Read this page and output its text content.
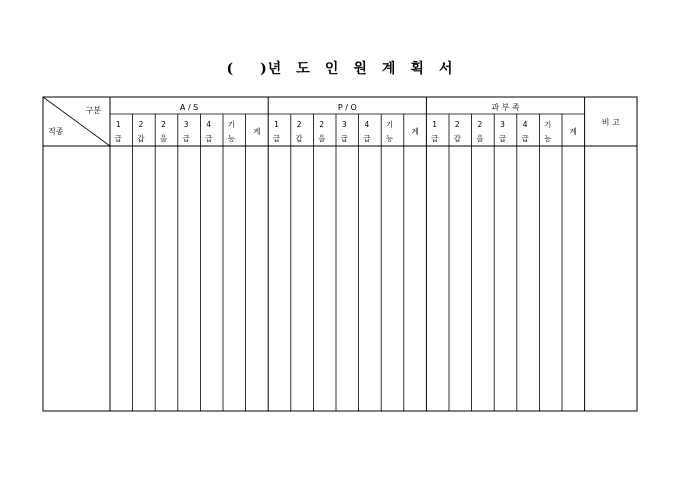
( )년 도 인 원 계 획 서
구분
직종
A / S
1
급
2
갑
2
을
3
급
4
급
기
능
계
P / O
1
급
2
갑
2
을
3
급
4
급
기
능
계
과 부 족
1
급
2
갑
2
을
3
급
4
급
기
능
계
비 고
